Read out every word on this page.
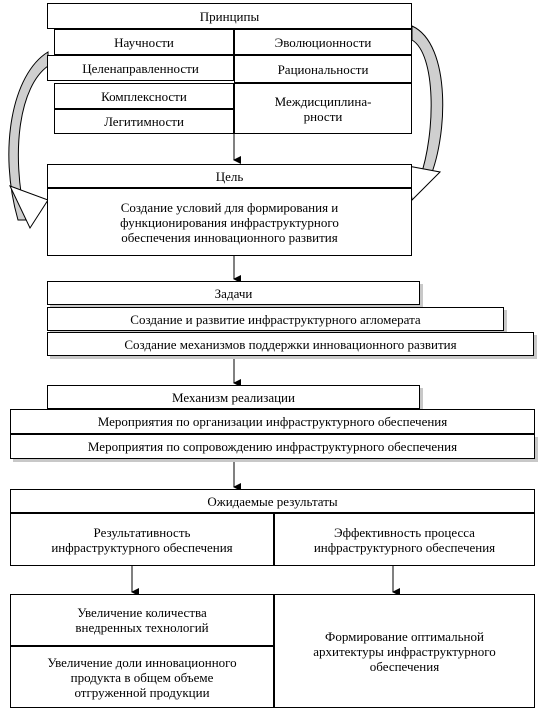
Принципы
Научности	Эволюционности
Целенаправленности	Рациональности
Комплексности	Междисциплина-
рности
Легитимности
Цель
Создание условий для формирования и
функционирования инфраструктурного
обеспечения инновационного развития
Задачи
Создание и развитие инфраструктурного агломерата
Создание механизмов поддержки инновационного развития
Механизм реализации
Мероприятия по организации инфраструктурного обеспечения
Мероприятия по сопровождению инфраструктурного обеспечения
Ожидаемые результаты
Результативность
инфраструктурного обеспечения
Эффективность процесса
инфраструктурного обеспечения
Увеличение количества
внедренных технологий
Увеличение доли инновационного
продукта в общем объеме
отгруженной продукции
Формирование оптимальной
архитектуры инфраструктурного
обеспечения
